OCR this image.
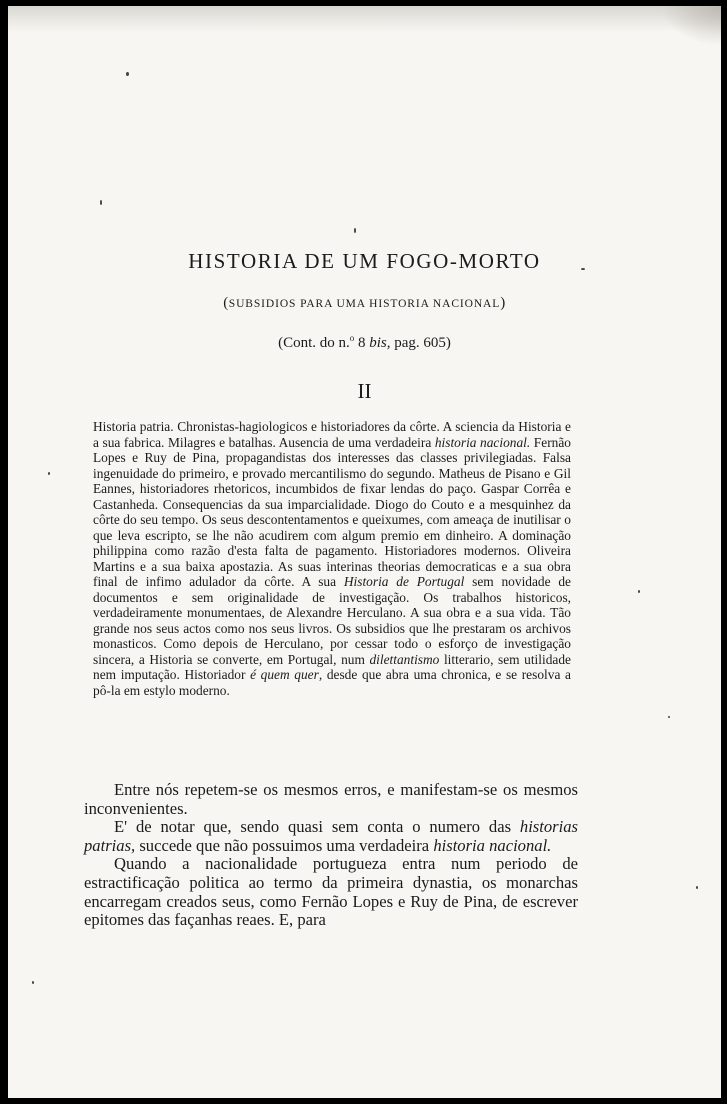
HISTORIA DE UM FOGO-MORTO
(SUBSIDIOS PARA UMA HISTORIA NACIONAL)
(Cont. do n.$^o$ 8 bis, pag. 605)
II
Historia patria. Chronistas-hagiologicos e historiadores da côrte. A sciencia da Historia e a sua fabrica. Milagres e batalhas. Ausencia de uma verdadeira historia nacional. Fernão Lopes e Ruy de Pina, propagandistas dos interesses das classes privilegiadas. Falsa ingenuidade do primeiro, e provado mercantilismo do segundo. Matheus de Pisano e Gil Eannes, historiadores rhetoricos, incumbidos de fixar lendas do paço. Gaspar Corrêa e Castanheda. Consequencias da sua imparcialidade. Diogo do Couto e a mesquinhez da côrte do seu tempo. Os seus descontentamentos e queixumes, com ameaça de inutilisar o que leva escripto, se lhe não acudirem com algum premio em dinheiro. A dominação philippina como razão d'esta falta de pagamento. Historiadores modernos. Oliveira Martins e a sua baixa apostazia. As suas interinas theorias democraticas e a sua obra final de infimo adulador da côrte. A sua Historia de Portugal sem novidade de documentos e sem originalidade de investigação. Os trabalhos historicos, verdadeiramente monumentaes, de Alexandre Herculano. A sua obra e a sua vida. Tão grande nos seus actos como nos seus livros. Os subsidios que lhe prestaram os archivos monasticos. Como depois de Herculano, por cessar todo o esforço de investigação sincera, a Historia se converte, em Portugal, num dilettantismo litterario, sem utilidade nem imputação. Historiador é quem quer, desde que abra uma chronica, e se resolva a pô-la em estylo moderno.

Entre nós repetem-se os mesmos erros, e manifestam-se os mesmos inconvenientes.

E' de notar que, sendo quasi sem conta o numero das historias patrias, succede que não possuimos uma verdadeira historia nacional.

Quando a nacionalidade portugueza entra num periodo de estractificação politica ao termo da primeira dynastia, os monarchas encarregam creados seus, como Fernão Lopes e Ruy de Pina, de escrever epitomes das façanhas reaes. E, para
